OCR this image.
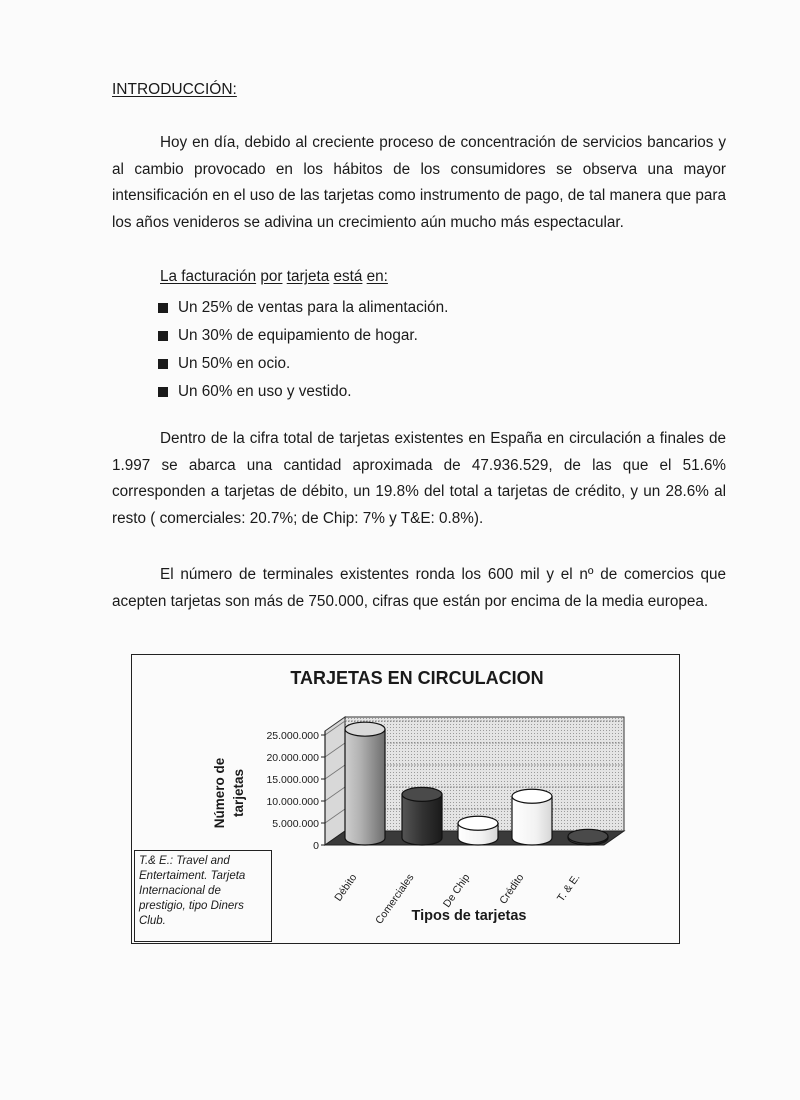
INTRODUCCIÓN:

Hoy en día, debido al creciente proceso de concentración de servicios bancarios y al cambio provocado en los hábitos de los consumidores se observa una mayor intensificación en el uso de las tarjetas como instrumento de pago, de tal manera que para los años venideros se adivina un crecimiento aún mucho más espectacular.

La facturación por tarjeta está en:
Un 25% de ventas para la alimentación.
Un 30% de equipamiento de hogar.
Un 50% en ocio.
Un 60% en uso y vestido.

Dentro de la cifra total de tarjetas existentes en España en circulación a finales de 1.997 se abarca una cantidad aproximada de 47.936.529, de las que el 51.6% corresponden a tarjetas de débito, un 19.8% del total a tarjetas de crédito, y un 28.6% al resto ( comerciales: 20.7%; de Chip: 7% y T&E: 0.8%).

El número de terminales existentes ronda los 600 mil y el nº de comercios que acepten tarjetas son más de 750.000, cifras que están por encima de la media europea.

TARJETAS EN CIRCULACION
0
5.000.000
10.000.000
15.000.000
20.000.000
25.000.000
Débito Comerciales De Chip Crédito	T. & E.
Número de tarjetas
Tipos de tarjetas
T.& E.: Travel and Entertaiment. Tarjeta Internacional de prestigio, tipo Diners Club.
